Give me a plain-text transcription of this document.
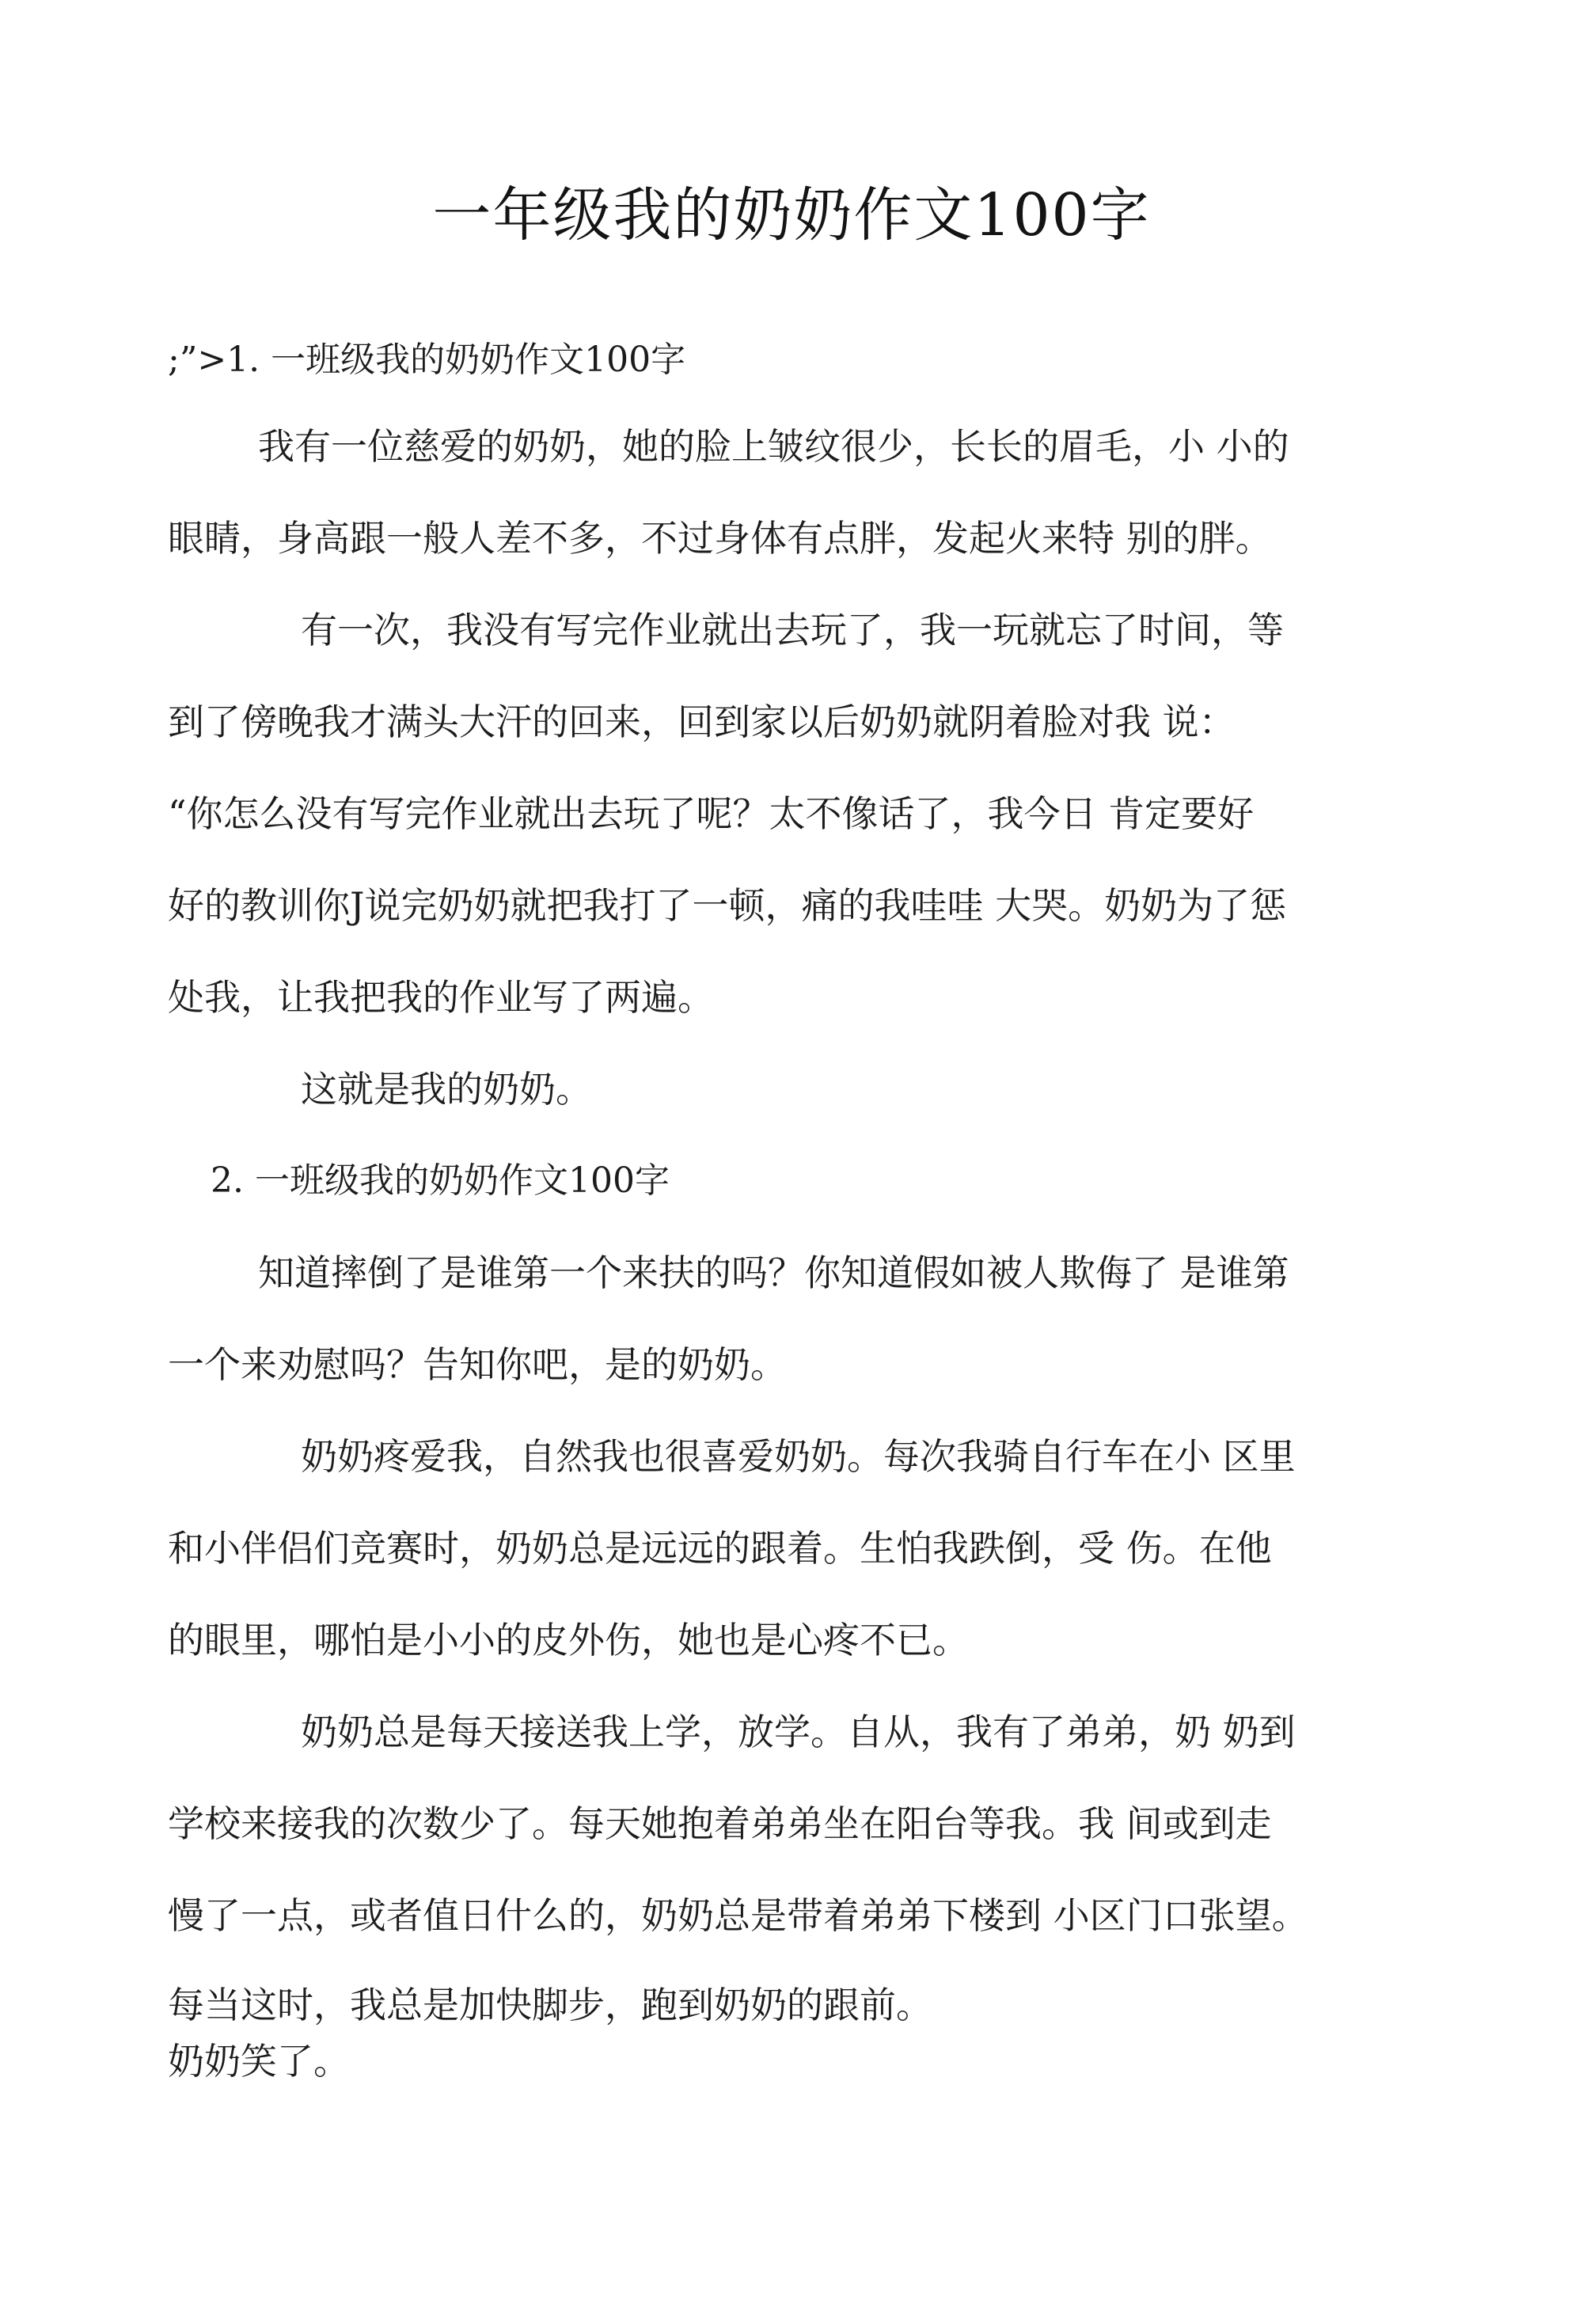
一年级我的奶奶作文100字
;”>1. 一班级我的奶奶作文100字
我有一位慈爱的奶奶，她的脸上皱纹很少，长长的眉毛，小 小的
眼睛，身高跟一般人差不多，不过身体有点胖，发起火来特 别的胖。
有一次，我没有写完作业就出去玩了，我一玩就忘了时间，等
到了傍晚我才满头大汗的回来，回到家以后奶奶就阴着脸对我 说：
“你怎么没有写完作业就出去玩了呢？太不像话了，我今日 肯定要好
好的教训你J说完奶奶就把我打了一顿，痛的我哇哇 大哭。奶奶为了惩
处我，让我把我的作业写了两遍。
这就是我的奶奶。
2. 一班级我的奶奶作文100字
知道摔倒了是谁第一个来扶的吗？你知道假如被人欺侮了 是谁第
一个来劝慰吗？告知你吧，是的奶奶。
奶奶疼爱我，自然我也很喜爱奶奶。每次我骑自行车在小 区里
和小伴侣们竞赛时，奶奶总是远远的跟着。生怕我跌倒，受 伤。在他
的眼里，哪怕是小小的皮外伤，她也是心疼不已。
奶奶总是每天接送我上学，放学。自从，我有了弟弟，奶 奶到
学校来接我的次数少了。每天她抱着弟弟坐在阳台等我。我 间或到走
慢了一点，或者值日什么的，奶奶总是带着弟弟下楼到 小区门口张望。
每当这时，我总是加快脚步，跑到奶奶的跟前。
奶奶笑了。
